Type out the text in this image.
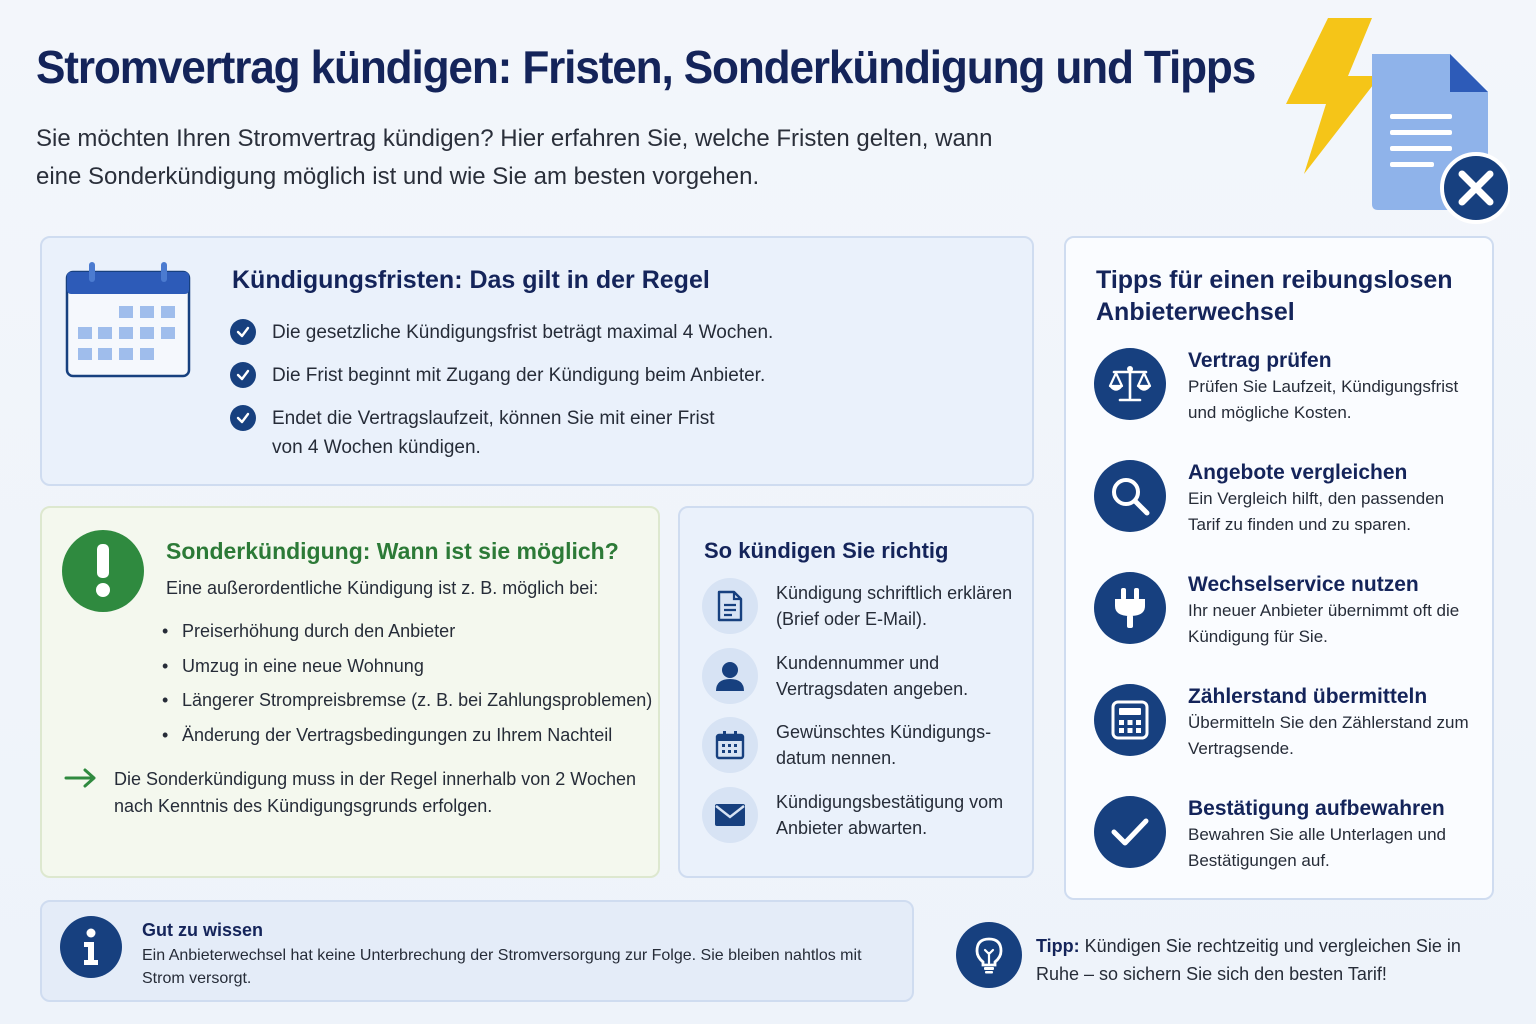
Stromvertrag kündigen: Fristen, Sonderkündigung und Tipps

Sie möchten Ihren Stromvertrag kündigen? Hier erfahren Sie, welche Fristen gelten, wann eine Sonderkündigung möglich ist und wie Sie am besten vorgehen.

Kündigungsfristen: Das gilt in der Regel
Die gesetzliche Kündigungsfrist beträgt maximal 4 Wochen.
Die Frist beginnt mit Zugang der Kündigung beim Anbieter.
Endet die Vertragslaufzeit, können Sie mit einer Frist von 4 Wochen kündigen.
Sonderkündigung: Wann ist sie möglich?

Eine außerordentliche Kündigung ist z. B. möglich bei:

• Preiserhöhung durch den Anbieter
• Umzug in eine neue Wohnung
• Längerer Strompreisbremse (z. B. bei Zahlungsproblemen)
• Änderung der Vertragsbedingungen zu Ihrem Nachteil
Die Sonderkündigung muss in der Regel innerhalb von 2 Wochen nach Kenntnis des Kündigungsgrunds erfolgen.
So kündigen Sie richtig
Kündigung schriftlich erklären (Brief oder E-Mail).
Kundennummer und Vertragsdaten angeben.
Gewünschtes Kündigungs-datum nennen.
Kündigungsbestätigung vom Anbieter abwarten.
Tipps für einen reibungslosen Anbieterwechsel
Vertrag prüfen
Prüfen Sie Laufzeit, Kündigungsfrist und mögliche Kosten.
Angebote vergleichen
Ein Vergleich hilft, den passenden Tarif zu finden und zu sparen.
Wechselservice nutzen
Ihr neuer Anbieter übernimmt oft die Kündigung für Sie.
Zählerstand übermitteln
Übermitteln Sie den Zählerstand zum Vertragsende.
Bestätigung aufbewahren
Bewahren Sie alle Unterlagen und Bestätigungen auf.
Gut zu wissen
Ein Anbieterwechsel hat keine Unterbrechung der Stromversorgung zur Folge. Sie bleiben nahtlos mit Strom versorgt.
Tipp: Kündigen Sie rechtzeitig und vergleichen Sie in Ruhe – so sichern Sie sich den besten Tarif!
